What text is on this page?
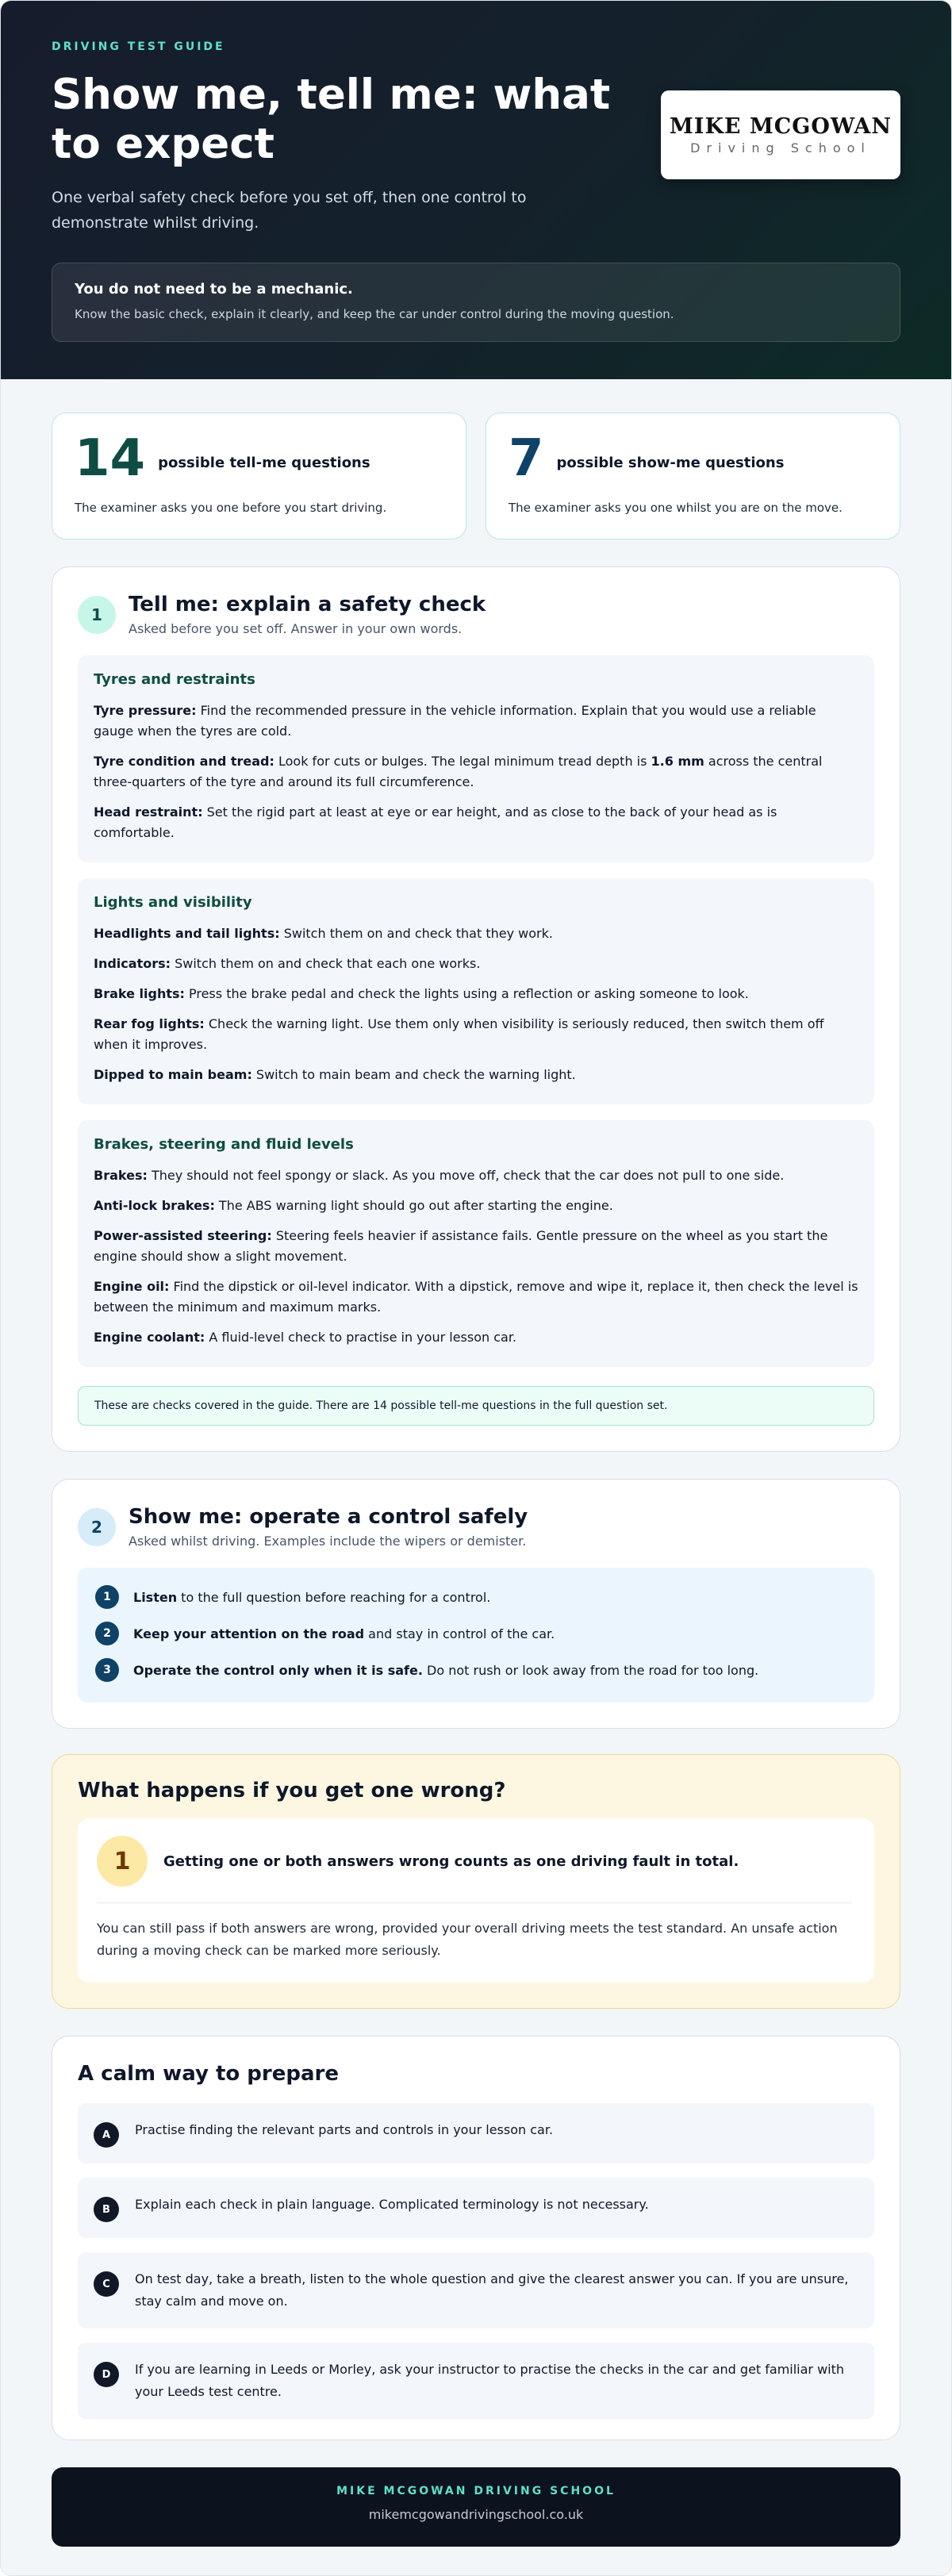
DRIVING TEST GUIDE
Show me, tell me: what to expect

One verbal safety check before you set off, then one control to demonstrate whilst driving.

MIKE MCGOWAN
Driving School
You do not need to be a mechanic.
Know the basic check, explain it clearly, and keep the car under control during the moving question.
14 possible tell-me questions
The examiner asks you one before you start driving.
7 possible show-me questions
The examiner asks you one whilst you are on the move.
1	Tell me: explain a safety check
Asked before you set off. Answer in your own words.
Tyres and restraints

Tyre pressure: Find the recommended pressure in the vehicle information. Explain that you would use a reliable gauge when the tyres are cold.

Tyre condition and tread: Look for cuts or bulges. The legal minimum tread depth is 1.6 mm across the central three-quarters of the tyre and around its full circumference.

Head restraint: Set the rigid part at least at eye or ear height, and as close to the back of your head as is comfortable.

Lights and visibility

Headlights and tail lights: Switch them on and check that they work.

Indicators: Switch them on and check that each one works.

Brake lights: Press the brake pedal and check the lights using a reflection or asking someone to look.

Rear fog lights: Check the warning light. Use them only when visibility is seriously reduced, then switch them off when it improves.

Dipped to main beam: Switch to main beam and check the warning light.

Brakes, steering and fluid levels

Brakes: They should not feel spongy or slack. As you move off, check that the car does not pull to one side.

Anti-lock brakes: The ABS warning light should go out after starting the engine.

Power-assisted steering: Steering feels heavier if assistance fails. Gentle pressure on the wheel as you start the engine should show a slight movement.

Engine oil: Find the dipstick or oil-level indicator. With a dipstick, remove and wipe it, replace it, then check the level is between the minimum and maximum marks.

Engine coolant: A fluid-level check to practise in your lesson car.

These are checks covered in the guide. There are 14 possible tell-me questions in the full question set.
2	Show me: operate a control safely
Asked whilst driving. Examples include the wipers or demister.
1	Listen to the full question before reaching for a control.
2	Keep your attention on the road and stay in control of the car.
3	Operate the control only when it is safe. Do not rush or look away from the road for too long.
What happens if you get one wrong?
1	Getting one or both answers wrong counts as one driving fault in total.

You can still pass if both answers are wrong, provided your overall driving meets the test standard. An unsafe action during a moving check can be marked more seriously.

A calm way to prepare
A	Practise finding the relevant parts and controls in your lesson car.
B	Explain each check in plain language. Complicated terminology is not necessary.
C	On test day, take a breath, listen to the whole question and give the clearest answer you can. If you are unsure, stay calm and move on.
D	If you are learning in Leeds or Morley, ask your instructor to practise the checks in the car and get familiar with your Leeds test centre.
MIKE MCGOWAN DRIVING SCHOOL
mikemcgowandrivingschool.co.uk
